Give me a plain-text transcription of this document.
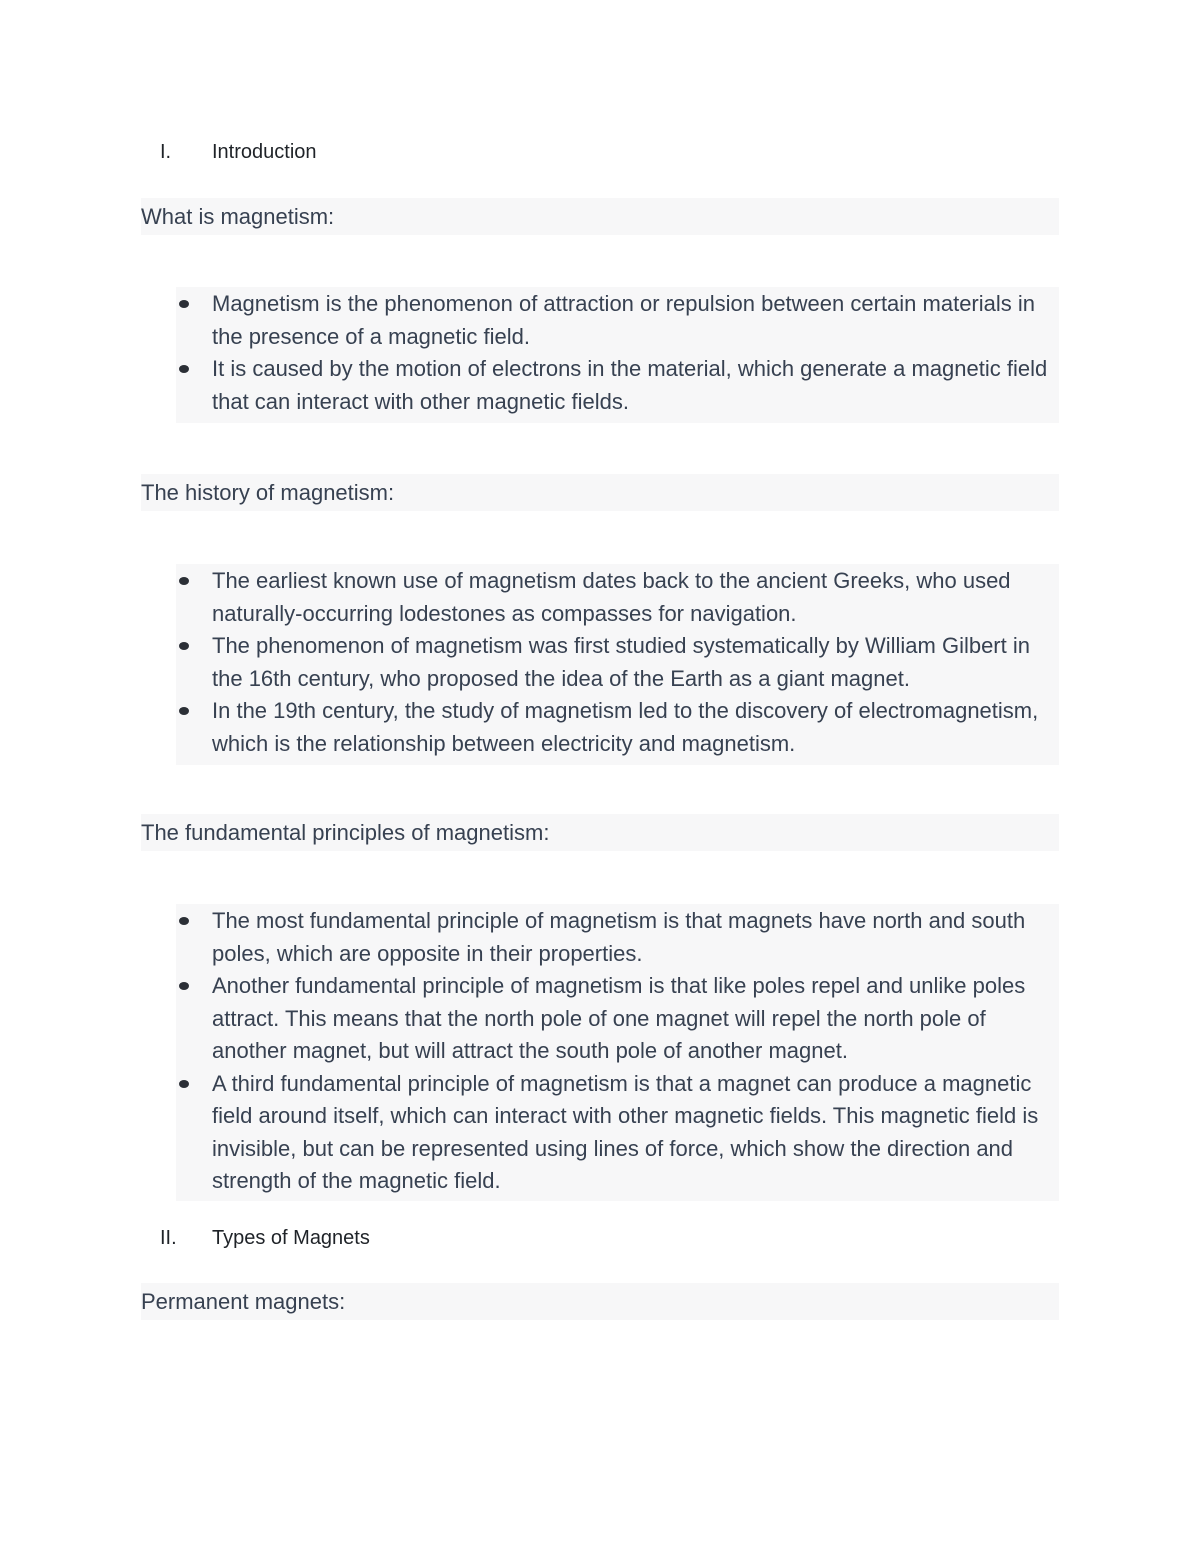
I.	Introduction
What is magnetism:
Magnetism is the phenomenon of attraction or repulsion between certain materials in the presence of a magnetic field.
It is caused by the motion of electrons in the material, which generate a magnetic field that can interact with other magnetic fields.
The history of magnetism:
The earliest known use of magnetism dates back to the ancient Greeks, who used naturally-occurring lodestones as compasses for navigation.
The phenomenon of magnetism was first studied systematically by William Gilbert in the 16th century, who proposed the idea of the Earth as a giant magnet.
In the 19th century, the study of magnetism led to the discovery of electromagnetism, which is the relationship between electricity and magnetism.
The fundamental principles of magnetism:
The most fundamental principle of magnetism is that magnets have north and south poles, which are opposite in their properties.
Another fundamental principle of magnetism is that like poles repel and unlike poles attract. This means that the north pole of one magnet will repel the north pole of another magnet, but will attract the south pole of another magnet.
A third fundamental principle of magnetism is that a magnet can produce a magnetic field around itself, which can interact with other magnetic fields. This magnetic field is invisible, but can be represented using lines of force, which show the direction and strength of the magnetic field.
II.	Types of Magnets
Permanent magnets:
